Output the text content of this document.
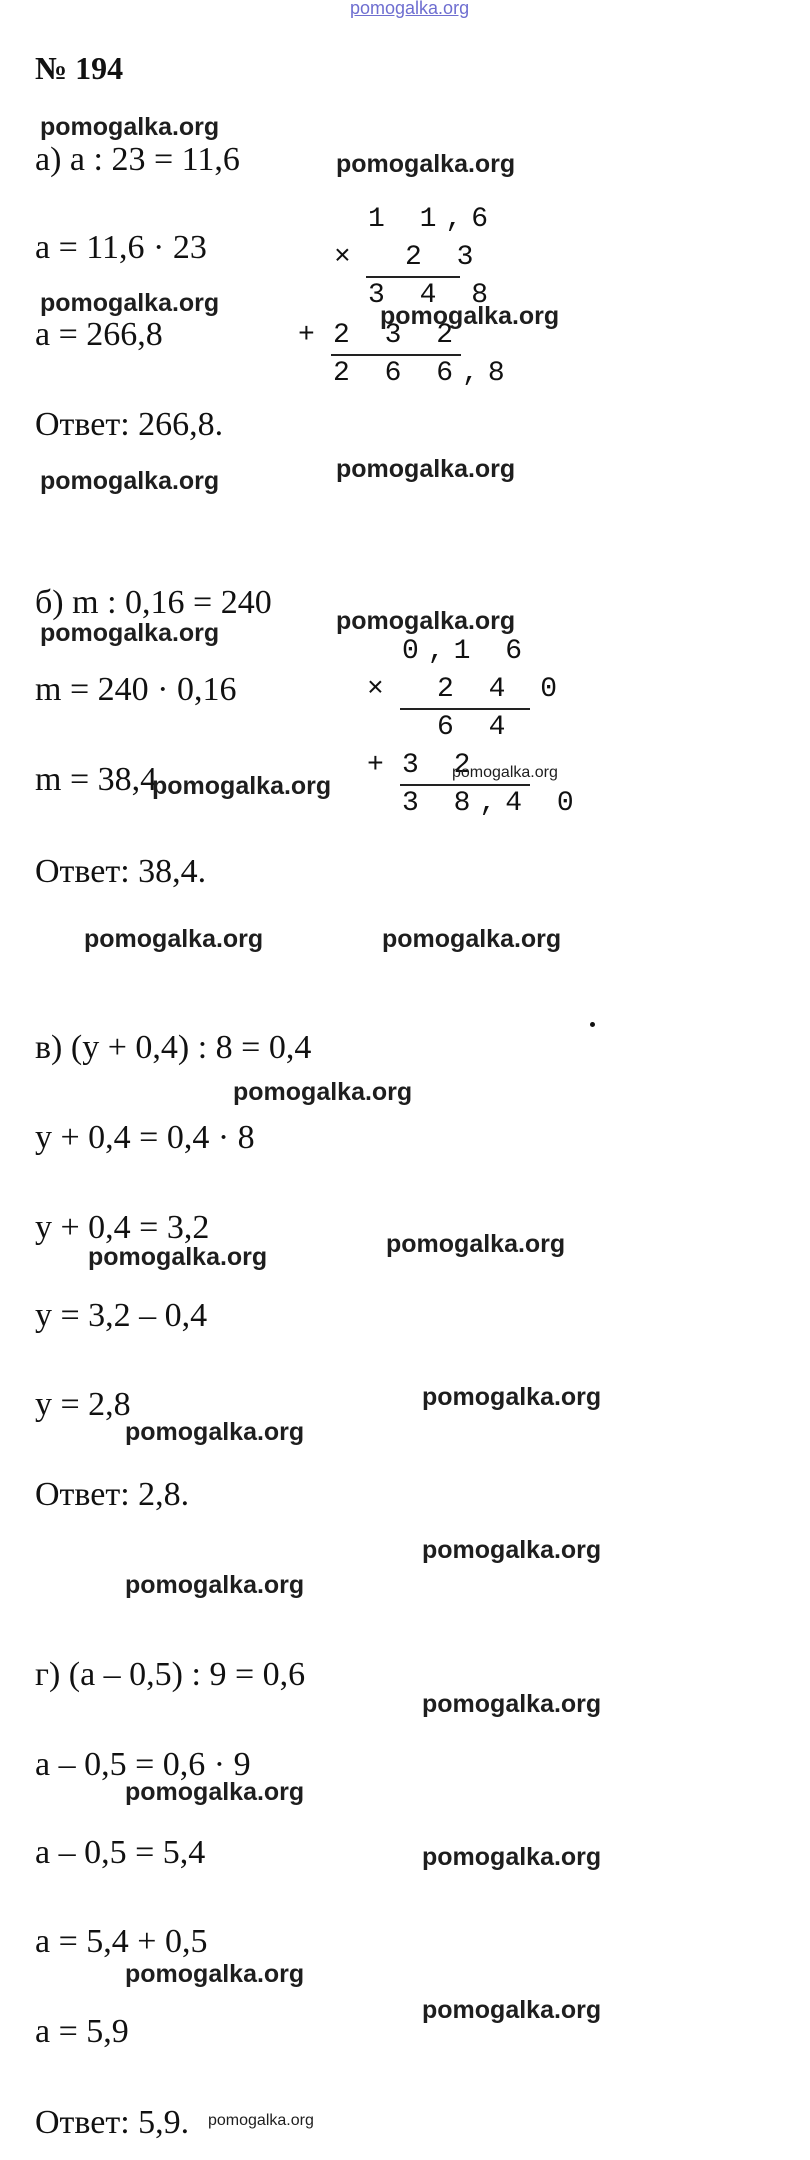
pomogalka.org
№ 194
а) a : 23 = 11,6
a = 11,6 · 23
a = 266,8
Ответ: 266,8.
1 1,6
× 2 3
3 4 8
+ 2 3 2
2 6 6,8
б) m : 0,16 = 240
m = 240 · 0,16
m = 38,4
Ответ: 38,4.
0,1 6
× 2 4 0
6 4
+ 3 2
3 8,4 0
в) (y + 0,4) : 8 = 0,4
y + 0,4 = 0,4 · 8
y + 0,4 = 3,2
y = 3,2 – 0,4
y = 2,8
Ответ: 2,8.
г) (a – 0,5) : 9 = 0,6
a – 0,5 = 0,6 · 9
a – 0,5 = 5,4
a = 5,4 + 0,5
a = 5,9
Ответ: 5,9.
pomogalka.org
pomogalka.org
pomogalka.org	pomogalka.org
pomogalka.org	pomogalka.org
pomogalka.org	pomogalka.org
pomogalka.org	pomogalka.org
pomogalka.org	pomogalka.org
pomogalka.org
pomogalka.org	pomogalka.org
pomogalka.org
pomogalka.org
pomogalka.org
pomogalka.org
pomogalka.org
pomogalka.org
pomogalka.org
pomogalka.org
pomogalka.org
pomogalka.org
